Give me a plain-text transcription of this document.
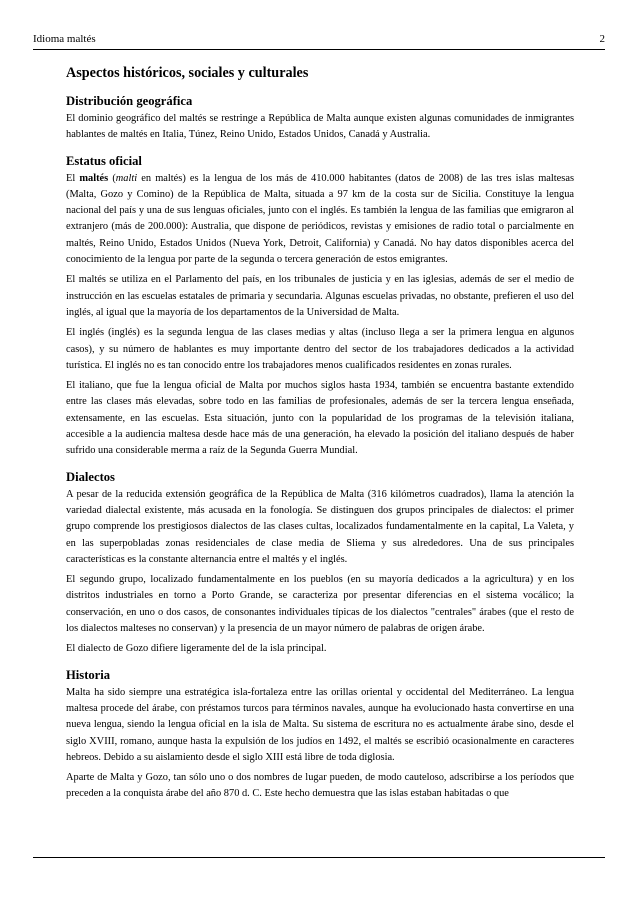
Idioma maltés	2
Aspectos históricos, sociales y culturales
Distribución geográfica

El dominio geográfico del maltés se restringe a República de Malta aunque existen algunas comunidades de inmigrantes hablantes de maltés en Italia, Túnez, Reino Unido, Estados Unidos, Canadá y Australia.

Estatus oficial

El maltés (malti en maltés) es la lengua de los más de 410.000 habitantes (datos de 2008) de las tres islas maltesas (Malta, Gozo y Comino) de la República de Malta, situada a 97 km de la costa sur de Sicilia. Constituye la lengua nacional del país y una de sus lenguas oficiales, junto con el inglés. Es también la lengua de las familias que emigraron al extranjero (más de 200.000): Australia, que dispone de periódicos, revistas y emisiones de radio total o parcialmente en maltés, Reino Unido, Estados Unidos (Nueva York, Detroit, California) y Canadá. No hay datos disponibles acerca del conocimiento de la lengua por parte de la segunda o tercera generación de estos emigrantes.

El maltés se utiliza en el Parlamento del país, en los tribunales de justicia y en las iglesias, además de ser el medio de instrucción en las escuelas estatales de primaria y secundaria. Algunas escuelas privadas, no obstante, prefieren el uso del inglés, al igual que la mayoría de los departamentos de la Universidad de Malta.

El inglés (inglés) es la segunda lengua de las clases medias y altas (incluso llega a ser la primera lengua en algunos casos), y su número de hablantes es muy importante dentro del sector de los trabajadores dedicados a la actividad turística. El inglés no es tan conocido entre los trabajadores menos cualificados residentes en zonas rurales.

El italiano, que fue la lengua oficial de Malta por muchos siglos hasta 1934, también se encuentra bastante extendido entre las clases más elevadas, sobre todo en las familias de profesionales, además de ser la tercera lengua enseñada, extensamente, en las escuelas. Esta situación, junto con la popularidad de los programas de la televisión italiana, accesible a la audiencia maltesa desde hace más de una generación, ha elevado la posición del italiano después de haber sufrido una considerable merma a raíz de la Segunda Guerra Mundial.

Dialectos

A pesar de la reducida extensión geográfica de la República de Malta (316 kilómetros cuadrados), llama la atención la variedad dialectal existente, más acusada en la fonología. Se distinguen dos grupos principales de dialectos: el primer grupo comprende los prestigiosos dialectos de las clases cultas, localizados fundamentalmente en la capital, La Valeta, y en las superpobladas zonas residenciales de clase media de Sliema y sus alrededores. Una de sus principales características es la constante alternancia entre el maltés y el inglés.

El segundo grupo, localizado fundamentalmente en los pueblos (en su mayoría dedicados a la agricultura) y en los distritos industriales en torno a Porto Grande, se caracteriza por presentar diferencias en el sistema vocálico; la conservación, en uno o dos casos, de consonantes individuales típicas de los dialectos "centrales" árabes (que el resto de los dialectos malteses no conservan) y la presencia de un mayor número de palabras de origen árabe.

El dialecto de Gozo difiere ligeramente del de la isla principal.

Historia

Malta ha sido siempre una estratégica isla-fortaleza entre las orillas oriental y occidental del Mediterráneo. La lengua maltesa procede del árabe, con préstamos turcos para términos navales, aunque ha evolucionado hasta convertirse en una nueva lengua, siendo la lengua oficial en la isla de Malta. Su sistema de escritura no es actualmente árabe sino, desde el siglo XVIII, romano, aunque hasta la expulsión de los judíos en 1492, el maltés se escribió ocasionalmente en caracteres hebreos. Debido a su aislamiento desde el siglo XIII está libre de toda diglosia.

Aparte de Malta y Gozo, tan sólo uno o dos nombres de lugar pueden, de modo cauteloso, adscribirse a los períodos que preceden a la conquista árabe del año 870 d. C. Este hecho demuestra que las islas estaban habitadas o que
